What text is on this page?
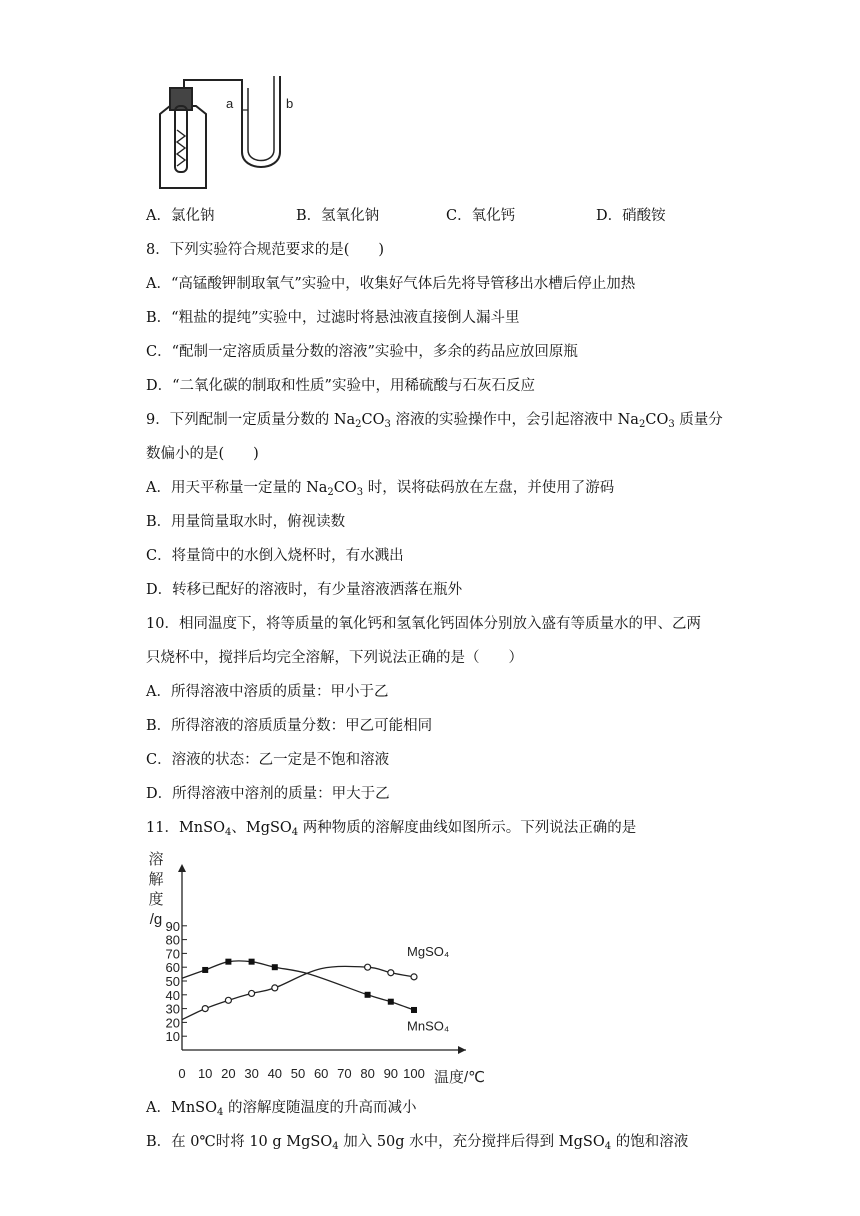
a	b
A．氯化钠	B．氢氧化钠	C．氧化钙	D．硝酸铵
8．下列实验符合规范要求的是(　　)
A．“高锰酸钾制取氧气”实验中，收集好气体后先将导管移出水槽后停止加热
B．“粗盐的提纯”实验中，过滤时将悬浊液直接倒人漏斗里
C．“配制一定溶质质量分数的溶液”实验中，多余的药品应放回原瓶
D．“二氧化碳的制取和性质”实验中，用稀硫酸与石灰石反应
9．下列配制一定质量分数的 $Na_2CO_3$ 溶液的实验操作中，会引起溶液中 $Na_2CO_3$ 质量分
数偏小的是(　　)
A．用天平称量一定量的 $Na_2CO_3$ 时，误将砝码放在左盘，并使用了游码
B．用量筒量取水时，俯视读数
C．将量筒中的水倒入烧杯时，有水溅出
D．转移已配好的溶液时，有少量溶液洒落在瓶外
10．相同温度下，将等质量的氧化钙和氢氧化钙固体分别放入盛有等质量水的甲、乙两
只烧杯中，搅拌后均完全溶解，下列说法正确的是（　　）
A．所得溶液中溶质的质量：甲小于乙
B．所得溶液的溶质质量分数：甲乙可能相同
C．溶液的状态：乙一定是不饱和溶液
D．所得溶液中溶剂的质量：甲大于乙
11．MnSO$_4$、MgSO$_4$ 两种物质的溶解度曲线如图所示。下列说法正确的是
0 10 20 30 40 50 60 70 80 90 100
10
20
30
40
50
60
70
80
90
溶
解
度
/g
温度/℃
MgSO₄
MnSO₄
A．MnSO$_4$ 的溶解度随温度的升高而减小
B．在 0℃时将 10 g MgSO$_4$ 加入 50g 水中，充分搅拌后得到 MgSO$_4$ 的饱和溶液
